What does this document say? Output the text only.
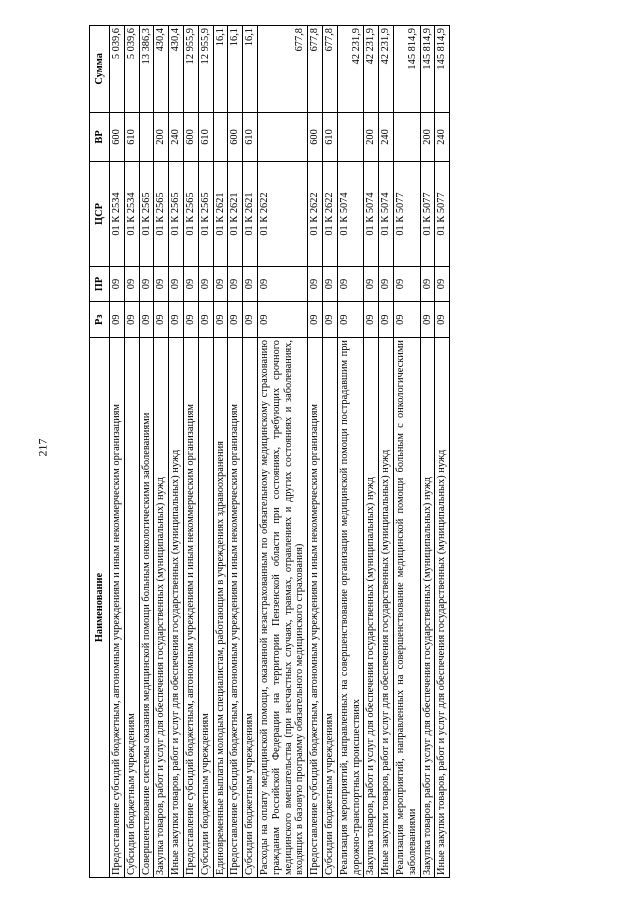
217
Наименование	Рз	ПР	ЦСР	ВР	Сумма
Предоставление субсидий бюджетным, автономным учреждениям и иным некоммерческим организациям	09	09	01 К 2534	600	5 039,6
Субсидии бюджетным учреждениям	09	09	01 К 2534	610	5 039,6
Совершенствование системы оказания медицинской помощи больным онкологическими заболеваниями	09	09	01 К 2565		13 386,3
Закупка товаров, работ и услуг для обеспечения государственных (муниципальных) нужд	09	09	01 К 2565	200	430,4
Иные закупки товаров, работ и услуг для обеспечения государственных (муниципальных) нужд	09	09	01 К 2565	240	430,4
Предоставление субсидий бюджетным, автономным учреждениям и иным некоммерческим организациям	09	09	01 К 2565	600	12 955,9
Субсидии бюджетным учреждениям	09	09	01 К 2565	610	12 955,9
Единовременные выплаты молодым специалистам, работающим в учреждениях здравоохранения	09	09	01 К 2621		16,1
Предоставление субсидий бюджетным, автономным учреждениям и иным некоммерческим организациям	09	09	01 К 2621	600	16,1
Субсидии бюджетным учреждениям	09	09	01 К 2621	610	16,1
Расходы на оплату медицинской помощи, оказанной незастрахованным по обязательному медицинскому страхованию гражданам Российской Федерации на территории Пензенской области при состояниях, требующих срочного медицинского вмешательства (при несчастных случаях, травмах, отравлениях и других состояниях и заболеваниях, входящих в базовую программу обязательного медицинского страхования)	09	09	01 К 2622		677,8
Предоставление субсидий бюджетным, автономным учреждениям и иным некоммерческим организациям	09	09	01 К 2622	600	677,8
Субсидии бюджетным учреждениям	09	09	01 К 2622	610	677,8
Реализация мероприятий, направленных на совершенствование организации медицинской помощи пострадавшим при дорожно-транспортных происшествиях	09	09	01 К 5074		42 231,9
Закупка товаров, работ и услуг для обеспечения государственных (муниципальных) нужд	09	09	01 К 5074	200	42 231,9
Иные закупки товаров, работ и услуг для обеспечения государственных (муниципальных) нужд	09	09	01 К 5074	240	42 231,9
Реализация мероприятий, направленных на совершенствование медицинской помощи больным с онкологическими заболеваниями	09	09	01 К 5077		145 814,9
Закупка товаров, работ и услуг для обеспечения государственных (муниципальных) нужд	09	09	01 К 5077	200	145 814,9
Иные закупки товаров, работ и услуг для обеспечения государственных (муниципальных) нужд	09	09	01 К 5077	240	145 814,9
